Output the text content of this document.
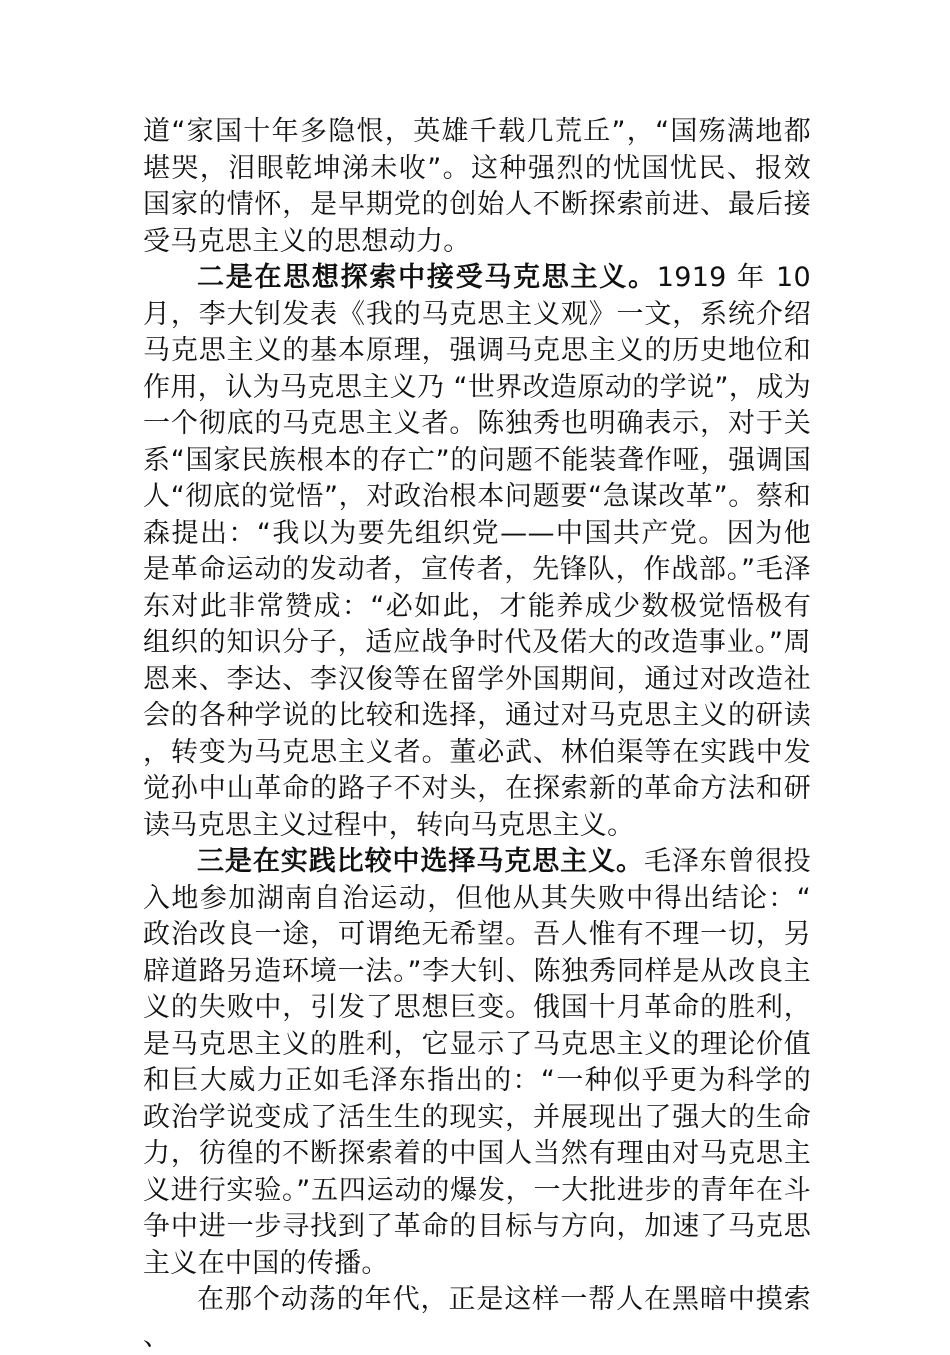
道“家国十年多隐恨，英雄千载几荒丘”，“国殇满地都堪哭，泪眼乾坤涕未收”。这种强烈的忧国忧民、报效国家的情怀，是早期党的创始人不断探索前进、最后接受马克思主义的思想动力。

二是在思想探索中接受马克思主义。1919 年 10 月，李大钊发表《我的马克思主义观》一文，系统介绍马克思主义的基本原理，强调马克思主义的历史地位和作用，认为马克思主义乃 “世界改造原动的学说”，成为一个彻底的马克思主义者。陈独秀也明确表示，对于关系“国家民族根本的存亡”的问题不能装聋作哑，强调国人“彻底的觉悟”，对政治根本问题要“急谋改革”。蔡和森提出：“我以为要先组织党——中国共产党。因为他是革命运动的发动者，宣传者，先锋队，作战部。”毛泽东对此非常赞成：“必如此，才能养成少数极觉悟极有组织的知识分子，适应战争时代及偌大的改造事业。”周恩来、李达、李汉俊等在留学外国期间，通过对改造社会的各种学说的比较和选择，通过对马克思主义的研读，转变为马克思主义者。董必武、林伯渠等在实践中发觉孙中山革命的路子不对头，在探索新的革命方法和研读马克思主义过程中，转向马克思主义。

三是在实践比较中选择马克思主义。毛泽东曾很投入地参加湖南自治运动，但他从其失败中得出结论：“政治改良一途，可谓绝无希望。吾人惟有不理一切，另辟道路另造环境一法。”李大钊、陈独秀同样是从改良主义的失败中，引发了思想巨变。俄国十月革命的胜利，是马克思主义的胜利，它显示了马克思主义的理论价值和巨大威力正如毛泽东指出的：“一种似乎更为科学的政治学说变成了活生生的现实，并展现出了强大的生命力，彷徨的不断探索着的中国人当然有理由对马克思主义进行实验。”五四运动的爆发，一大批进步的青年在斗争中进一步寻找到了革命的目标与方向，加速了马克思主义在中国的传播。

在那个动荡的年代，正是这样一帮人在黑暗中摸索、
